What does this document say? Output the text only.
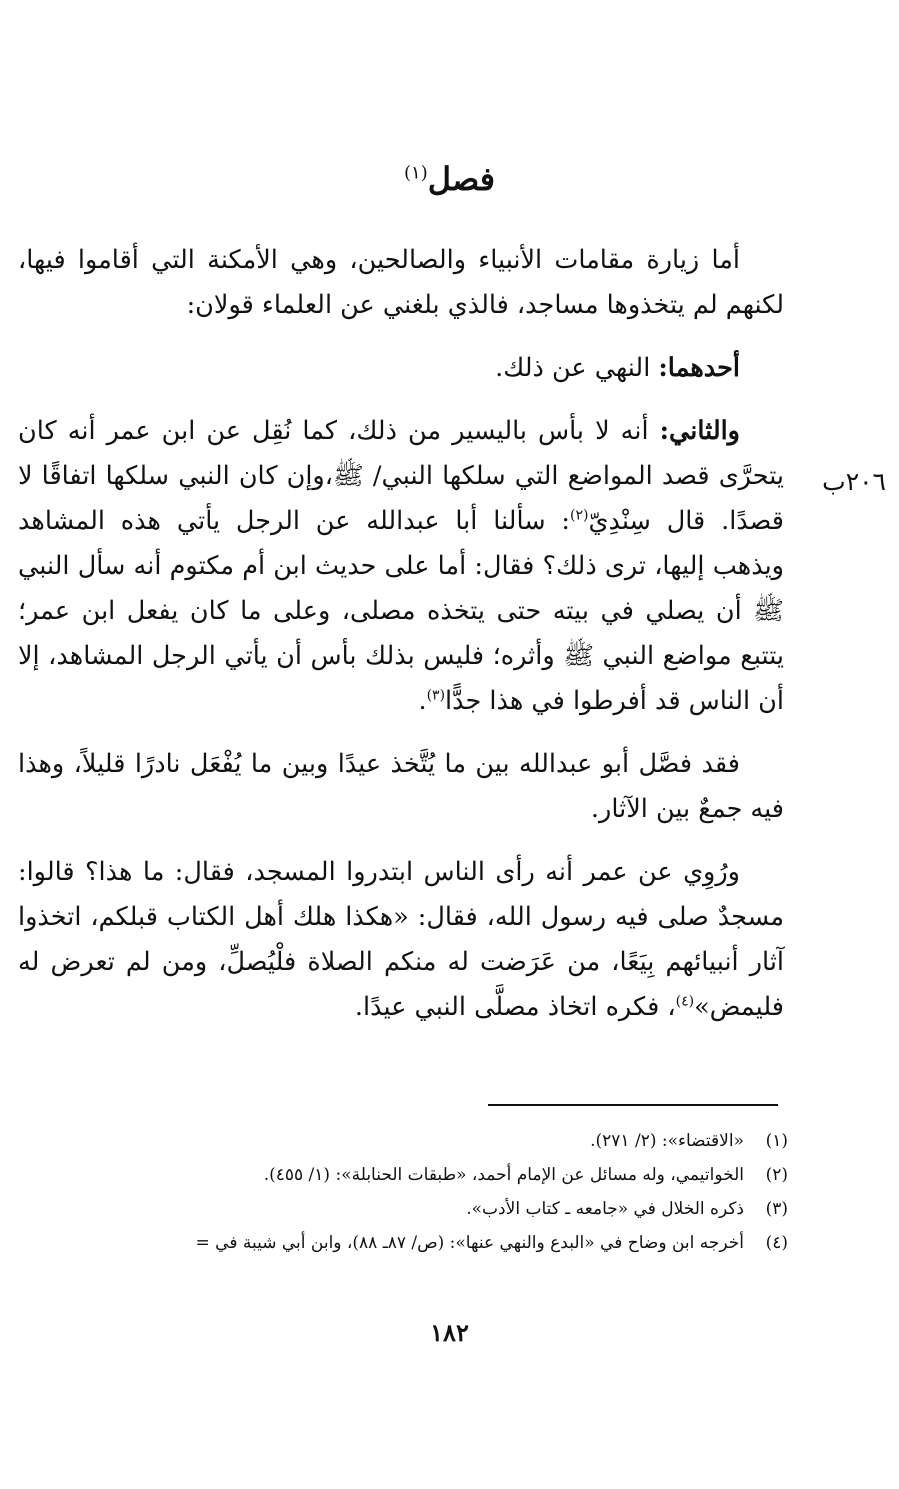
فصل$^{(١)}$
٢٠٦ب

أما زيارة مقامات الأنبياء والصالحين، وهي الأمكنة التي أقاموا فيها، لكنهم لم يتخذوها مساجد، فالذي بلغني عن العلماء قولان:

أحدهما: النهي عن ذلك.

والثاني: أنه لا بأس باليسير من ذلك، كما نُقِل عن ابن عمر أنه كان يتحرَّى قصد المواضع التي سلكها النبي/ ﷺ،وإن كان النبي سلكها اتفاقًا لا قصدًا. قال سِنْدِيّ$^{(٢)}$: سألنا أبا عبدالله عن الرجل يأتي هذه المشاهد ويذهب إليها، ترى ذلك؟ فقال: أما على حديث ابن أم مكتوم أنه سأل النبي ﷺ أن يصلي في بيته حتى يتخذه مصلى، وعلى ما كان يفعل ابن عمر؛ يتتبع مواضع النبي ﷺ وأثره؛ فليس بذلك بأس أن يأتي الرجل المشاهد، إلا أن الناس قد أفرطوا في هذا جدًّا$^{(٣)}$.

فقد فصَّل أبو عبدالله بين ما يُتَّخذ عيدًا وبين ما يُفْعَل نادرًا قليلاً، وهذا فيه جمعٌ بين الآثار.

ورُوِي عن عمر أنه رأى الناس ابتدروا المسجد، فقال: ما هذا؟ قالوا: مسجدٌ صلى فيه رسول الله، فقال: «هكذا هلك أهل الكتاب قبلكم، اتخذوا آثار أنبيائهم بِيَعًا، من عَرَضت له منكم الصلاة فلْيُصلِّ، ومن لم تعرض له فليمض»$^{(٤)}$، فكره اتخاذ مصلَّى النبي عيدًا.

(١)«الاقتضاء»: (٢/ ٢٧١).
(٢)الخواتيمي، وله مسائل عن الإمام أحمد، «طبقات الحنابلة»: (١/ ٤٥٥).
(٣)ذكره الخلال في «جامعه ـ كتاب الأدب».
(٤)أخرجه ابن وضاح في «البدع والنهي عنها»: (ص/ ٨٧ـ ٨٨)، وابن أبي شيبة في =
١٨٢
